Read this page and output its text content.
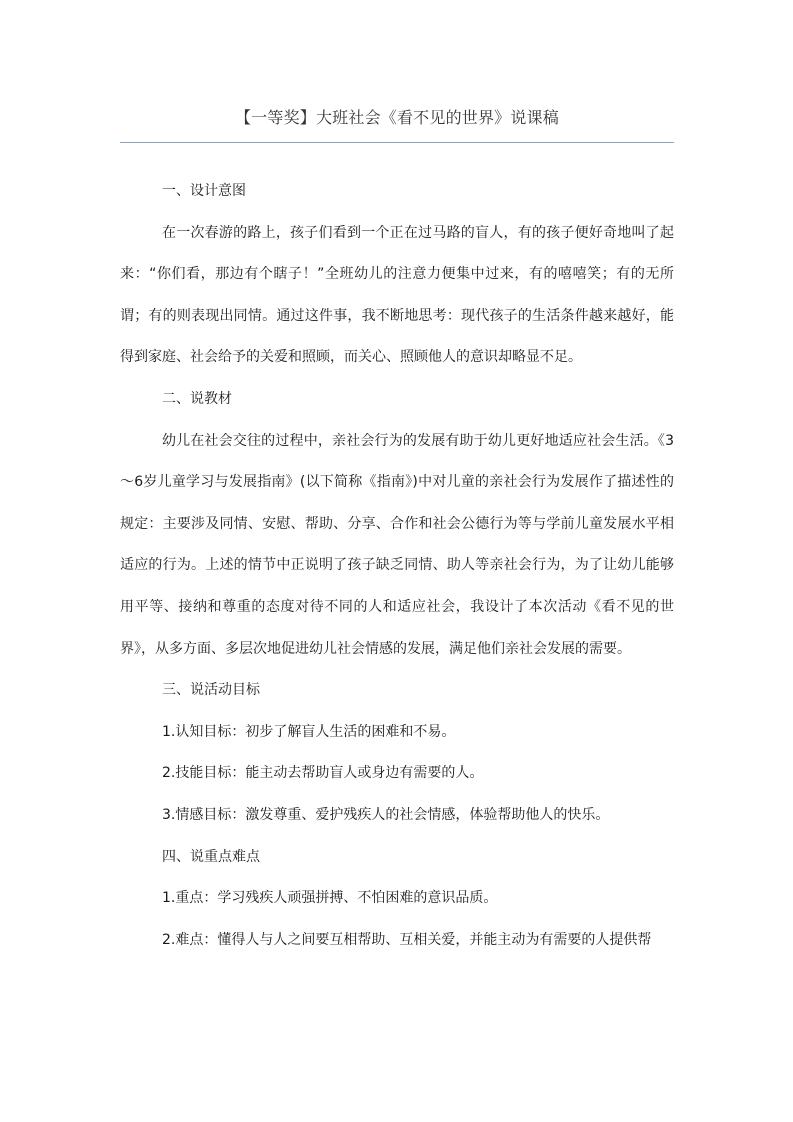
【一等奖】大班社会《看不见的世界》说课稿

一、设计意图

在一次春游的路上，孩子们看到一个正在过马路的盲人，有的孩子便好奇地叫了起来：“你们看，那边有个瞎子！”全班幼儿的注意力便集中过来，有的嘻嘻笑；有的无所谓；有的则表现出同情。通过这件事，我不断地思考：现代孩子的生活条件越来越好，能得到家庭、社会给予的关爱和照顾，而关心、照顾他人的意识却略显不足。

二、说教材

幼儿在社会交往的过程中，亲社会行为的发展有助于幼儿更好地适应社会生活。《3～6岁儿童学习与发展指南》(以下简称《指南》)中对儿童的亲社会行为发展作了描述性的规定：主要涉及同情、安慰、帮助、分享、合作和社会公德行为等与学前儿童发展水平相适应的行为。上述的情节中正说明了孩子缺乏同情、助人等亲社会行为，为了让幼儿能够用平等、接纳和尊重的态度对待不同的人和适应社会，我设计了本次活动《看不见的世界》，从多方面、多层次地促进幼儿社会情感的发展，满足他们亲社会发展的需要。

三、说活动目标

1.认知目标：初步了解盲人生活的困难和不易。

2.技能目标：能主动去帮助盲人或身边有需要的人。

3.情感目标：激发尊重、爱护残疾人的社会情感，体验帮助他人的快乐。

四、说重点难点

1.重点：学习残疾人顽强拼搏、不怕困难的意识品质。

2.难点：懂得人与人之间要互相帮助、互相关爱，并能主动为有需要的人提供帮
